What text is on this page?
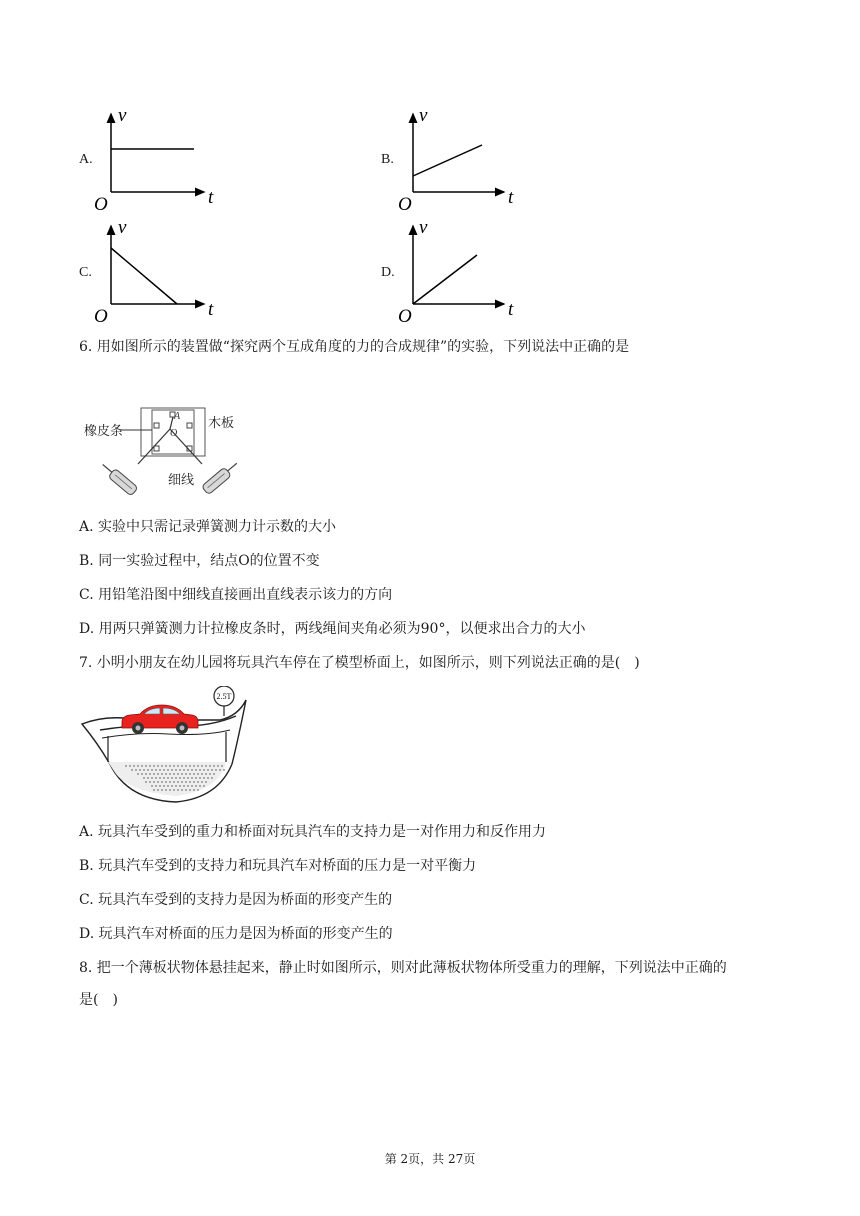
A.	B.
C.	D.
v
t
O
v
t
O
v
t
O
v
t
O
6. 用如图所示的装置做“探究两个互成角度的力的合成规律”的实验，下列说法中正确的是
A
O
橡皮条
木板
细线
A. 实验中只需记录弹簧测力计示数的大小
B. 同一实验过程中，结点O的位置不变
C. 用铅笔沿图中细线直接画出直线表示该力的方向
D. 用两只弹簧测力计拉橡皮条时，两线绳间夹角必须为90°，以便求出合力的大小
7. 小明小朋友在幼儿园将玩具汽车停在了模型桥面上，如图所示，则下列说法正确的是(　)
2.5T
A. 玩具汽车受到的重力和桥面对玩具汽车的支持力是一对作用力和反作用力
B. 玩具汽车受到的支持力和玩具汽车对桥面的压力是一对平衡力
C. 玩具汽车受到的支持力是因为桥面的形变产生的
D. 玩具汽车对桥面的压力是因为桥面的形变产生的
8. 把一个薄板状物体悬挂起来，静止时如图所示，则对此薄板状物体所受重力的理解，下列说法中正确的
是(　)
第 2页，共 27页
